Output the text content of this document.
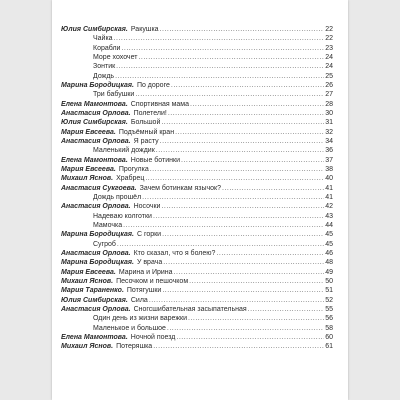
Юлия Симбирская. Ракушка .....	22
Чайка .....	22
Корабли .....	23
Море хохочет .....	24
Зонтик .....	24
Дождь .....	25
Марина Бородицкая. По дороге .....	26
Три бабушки .....	27
Елена Мамонтова. Спортивная мама .....	28
Анастасия Орлова. Полетели! .....	30
Юлия Симбирская. Большой .....	31
Мария Евсеева. Подъёмный кран .....	32
Анастасия Орлова. Я расту .....	34
Маленький дождик .....	36
Елена Мамонтова. Новые ботинки .....	37
Мария Евсеева. Прогулка .....	38
Михаил Яснов. Храбрец .....	40
Анастасия Сукгоева. Зачем ботинкам язычок? .....	41
Дождь прошёл .....	41
Анастасия Орлова. Носочки .....	42
Надеваю колготки .....	43
Мамочка .....	44
Марина Бородицкая. С горки .....	45
Сугроб .....	45
Анастасия Орлова. Кто сказал, что я болею? .....	46
Марина Бородицкая. У врача .....	48
Мария Евсеева. Марина и Ирина .....	49
Михаил Яснов. Песочком и пешочком .....	50
Мария Тараненко. Потягушки .....	51
Юлия Симбирская. Сила .....	52
Анастасия Орлова. Сногсшибательная засыпательная .....	55
Один день из жизни варежки .....	56
Маленькое и большое .....	58
Елена Мамонтова. Ночной поезд .....	60
Михаил Яснов. Потеряшка .....	61
